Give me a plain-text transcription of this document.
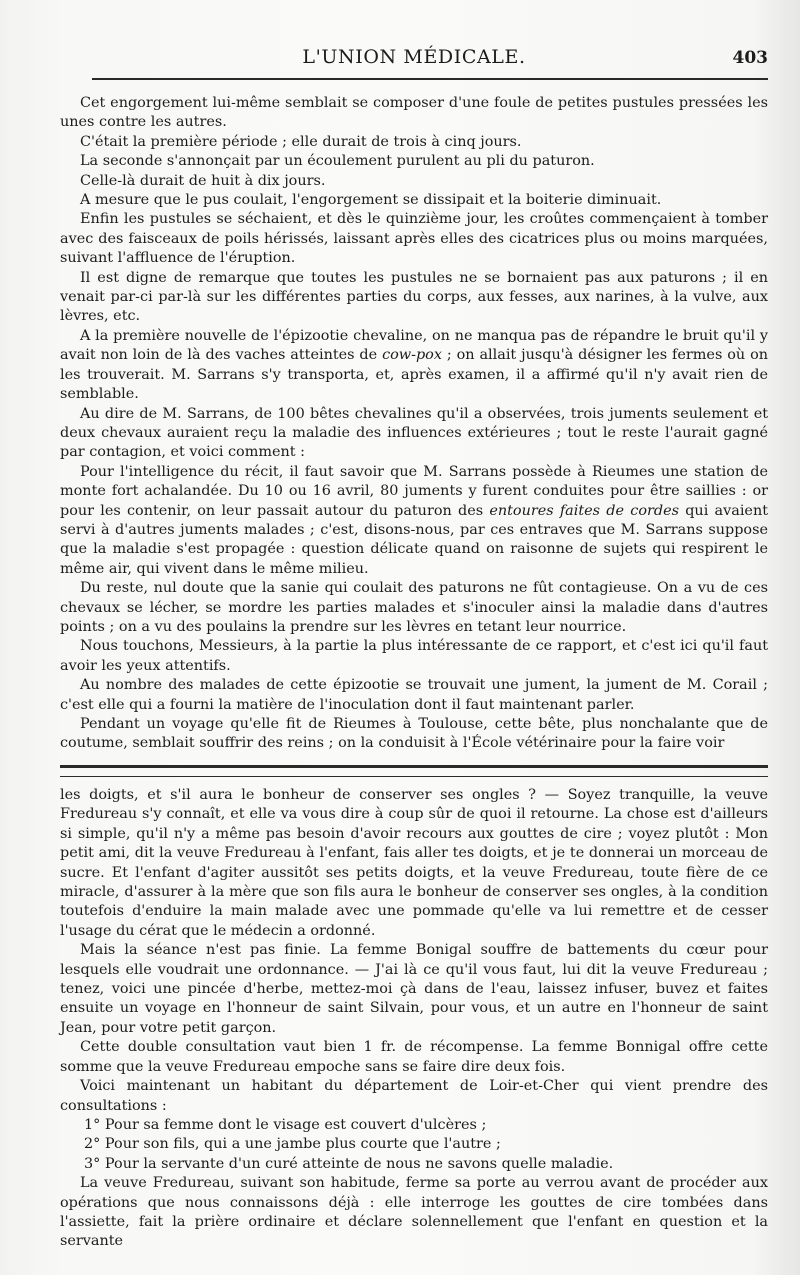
L'UNION MÉDICALE.	403

Cet engorgement lui-même semblait se composer d'une foule de petites pustules pressées les unes contre les autres.

C'était la première période ; elle durait de trois à cinq jours.

La seconde s'annonçait par un écoulement purulent au pli du paturon.

Celle-là durait de huit à dix jours.

A mesure que le pus coulait, l'engorgement se dissipait et la boiterie diminuait.

Enfin les pustules se séchaient, et dès le quinzième jour, les croûtes commençaient à tomber avec des faisceaux de poils hérissés, laissant après elles des cicatrices plus ou moins marquées, suivant l'affluence de l'éruption.

Il est digne de remarque que toutes les pustules ne se bornaient pas aux paturons ; il en venait par-ci par-là sur les différentes parties du corps, aux fesses, aux narines, à la vulve, aux lèvres, etc.

A la première nouvelle de l'épizootie chevaline, on ne manqua pas de répandre le bruit qu'il y avait non loin de là des vaches atteintes de cow-pox ; on allait jusqu'à désigner les fermes où on les trouverait. M. Sarrans s'y transporta, et, après examen, il a affirmé qu'il n'y avait rien de semblable.

Au dire de M. Sarrans, de 100 bêtes chevalines qu'il a observées, trois juments seulement et deux chevaux auraient reçu la maladie des influences extérieures ; tout le reste l'aurait gagné par contagion, et voici comment :

Pour l'intelligence du récit, il faut savoir que M. Sarrans possède à Rieumes une station de monte fort achalandée. Du 10 ou 16 avril, 80 juments y furent conduites pour être saillies : or pour les contenir, on leur passait autour du paturon des entoures faites de cordes qui avaient servi à d'autres juments malades ; c'est, disons-nous, par ces entraves que M. Sarrans suppose que la maladie s'est propagée : question délicate quand on raisonne de sujets qui respirent le même air, qui vivent dans le même milieu.

Du reste, nul doute que la sanie qui coulait des paturons ne fût contagieuse. On a vu de ces chevaux se lécher, se mordre les parties malades et s'inoculer ainsi la maladie dans d'autres points ; on a vu des poulains la prendre sur les lèvres en tetant leur nourrice.

Nous touchons, Messieurs, à la partie la plus intéressante de ce rapport, et c'est ici qu'il faut avoir les yeux attentifs.

Au nombre des malades de cette épizootie se trouvait une jument, la jument de M. Corail ; c'est elle qui a fourni la matière de l'inoculation dont il faut maintenant parler.

Pendant un voyage qu'elle fit de Rieumes à Toulouse, cette bête, plus nonchalante que de coutume, semblait souffrir des reins ; on la conduisit à l'École vétérinaire pour la faire voir

les doigts, et s'il aura le bonheur de conserver ses ongles ? — Soyez tranquille, la veuve Fredureau s'y connaît, et elle va vous dire à coup sûr de quoi il retourne. La chose est d'ailleurs si simple, qu'il n'y a même pas besoin d'avoir recours aux gouttes de cire ; voyez plutôt : Mon petit ami, dit la veuve Fredureau à l'enfant, fais aller tes doigts, et je te donnerai un morceau de sucre. Et l'enfant d'agiter aussitôt ses petits doigts, et la veuve Fredureau, toute fière de ce miracle, d'assurer à la mère que son fils aura le bonheur de conserver ses ongles, à la condition toutefois d'enduire la main malade avec une pommade qu'elle va lui remettre et de cesser l'usage du cérat que le médecin a ordonné.

Mais la séance n'est pas finie. La femme Bonigal souffre de battements du cœur pour lesquels elle voudrait une ordonnance. — J'ai là ce qu'il vous faut, lui dit la veuve Fredureau ; tenez, voici une pincée d'herbe, mettez-moi çà dans de l'eau, laissez infuser, buvez et faites ensuite un voyage en l'honneur de saint Silvain, pour vous, et un autre en l'honneur de saint Jean, pour votre petit garçon.

Cette double consultation vaut bien 1 fr. de récompense. La femme Bonnigal offre cette somme que la veuve Fredureau empoche sans se faire dire deux fois.

Voici maintenant un habitant du département de Loir-et-Cher qui vient prendre des consultations :

1° Pour sa femme dont le visage est couvert d'ulcères ;

2° Pour son fils, qui a une jambe plus courte que l'autre ;

3° Pour la servante d'un curé atteinte de nous ne savons quelle maladie.

La veuve Fredureau, suivant son habitude, ferme sa porte au verrou avant de procéder aux opérations que nous connaissons déjà : elle interroge les gouttes de cire tombées dans l'assiette, fait la prière ordinaire et déclare solennellement que l'enfant en question et la servante
